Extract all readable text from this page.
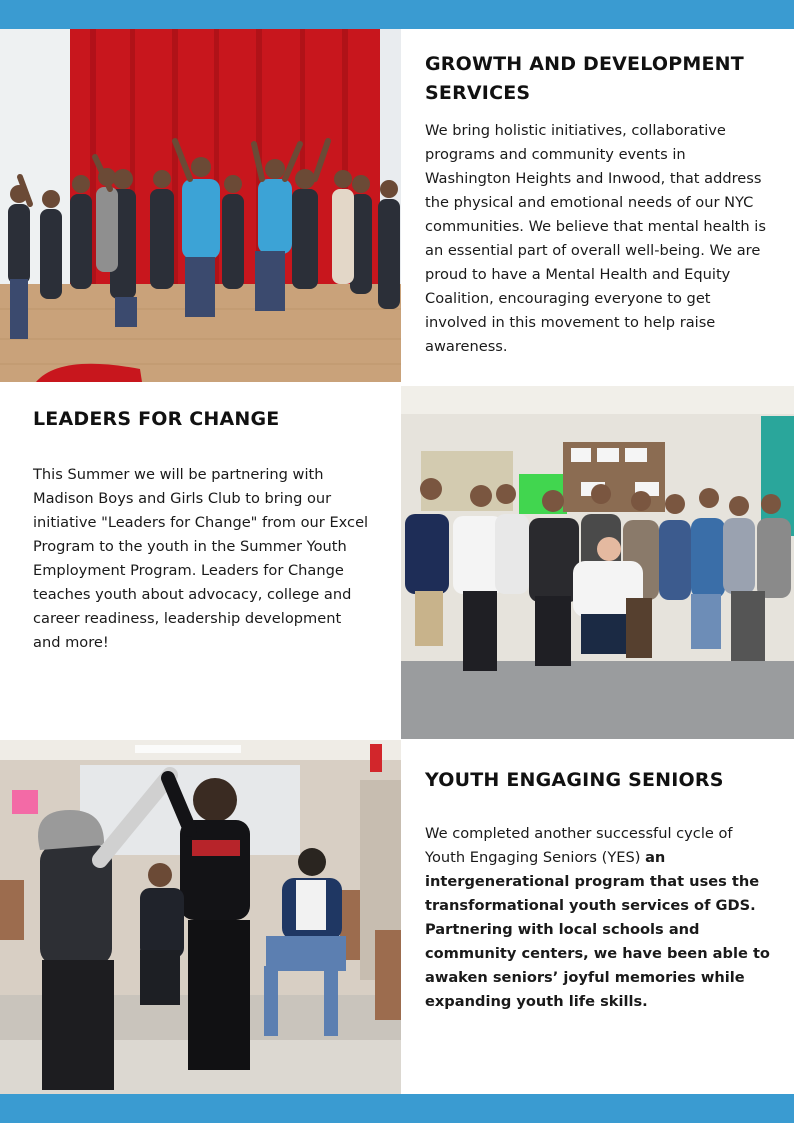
GROWTH AND DEVELOPMENT SERVICES

We bring holistic initiatives, collaborative programs and community events in Washington Heights and Inwood, that address the physical and emotional needs of our NYC communities. We believe that mental health is an essential part of overall well-being. We are proud to have a Mental Health and Equity Coalition, encouraging everyone to get involved in this movement to help raise awareness.

LEADERS FOR CHANGE

This Summer we will be partnering with Madison Boys and Girls Club to bring our initiative "Leaders for Change" from our Excel Program to the youth in the Summer Youth Employment Program. Leaders for Change teaches youth about advocacy, college and career readiness, leadership development and more!

YOUTH ENGAGING SENIORS

We completed another successful cycle of Youth Engaging Seniors (YES) an intergenerational program that uses the transformational youth services of GDS. Partnering with local schools and community centers, we have been able to awaken seniors’ joyful memories while expanding youth life skills.
